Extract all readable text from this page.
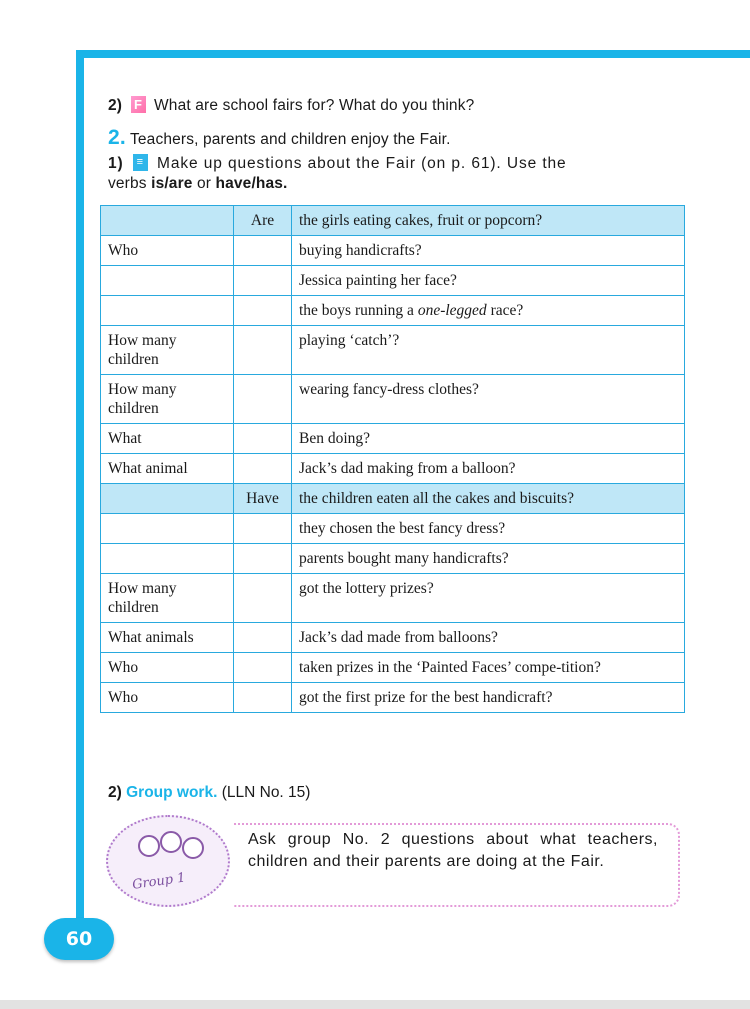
2) F What are school fairs for? What do you think?
2. Teachers, parents and children enjoy the Fair.
1)	≡ Make up questions about the Fair (on p. 61). Use the
verbs is/are or have/has.
	Are	the girls eating cakes, fruit or popcorn?
Who		buying handicrafts?
		Jessica painting her face?
		the boys running a one-legged race?
How many children		playing ‘catch’?
How many children		wearing fancy-dress clothes?
What		Ben doing?
What animal		Jack’s dad making from a balloon?
	Have	the children eaten all the cakes and biscuits?
		they chosen the best fancy dress?
		parents bought many handicrafts?
How many children		got the lottery prizes?
What animals		Jack’s dad made from balloons?
Who		taken prizes in the ‘Painted Faces’ compe-tition?
Who		got the first prize for the best handicraft?
2) Group work. (LLN No. 15)
Group 1
Ask group No. 2 questions about what teachers, children and their parents are doing at the Fair.
60
